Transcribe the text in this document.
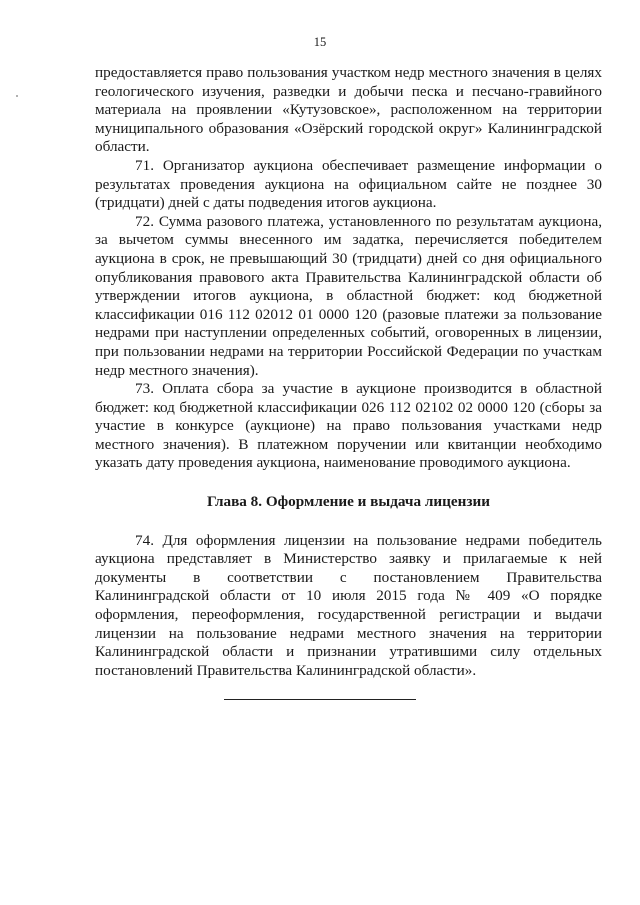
15

предоставляется право пользования участком недр местного значения в целях геологического изучения, разведки и добычи песка и песчано-гравийного материала на проявлении «Кутузовское», расположенном на территории муниципального образования «Озёрский городской округ» Калининградской области.

71. Организатор аукциона обеспечивает размещение информации о результатах проведения аукциона на официальном сайте не позднее 30 (тридцати) дней с даты подведения итогов аукциона.

72. Сумма разового платежа, установленного по результатам аукциона, за вычетом суммы внесенного им задатка, перечисляется победителем аукциона в срок, не превышающий 30 (тридцати) дней со дня официального опубликования правового акта Правительства Калининградской области об утверждении итогов аукциона, в областной бюджет: код бюджетной классификации 016 112 02012 01 0000 120 (разовые платежи за пользование недрами при наступлении определенных событий, оговоренных в лицензии, при пользовании недрами на территории Российской Федерации по участкам недр местного значения).

73. Оплата сбора за участие в аукционе производится в областной бюджет: код бюджетной классификации 026 112 02102 02 0000 120 (сборы за участие в конкурсе (аукционе) на право пользования участками недр местного значения). В платежном поручении или квитанции необходимо указать дату проведения аукциона, наименование проводимого аукциона.

Глава 8. Оформление и выдача лицензии

74. Для оформления лицензии на пользование недрами победитель аукциона представляет в Министерство заявку и прилагаемые к ней документы в соответствии с постановлением Правительства Калининградской области от 10 июля 2015 года № 409 «О порядке оформления, переоформления, государственной регистрации и выдачи лицензии на пользование недрами местного значения на территории Калининградской области и признании утратившими силу отдельных постановлений Правительства Калининградской области».
